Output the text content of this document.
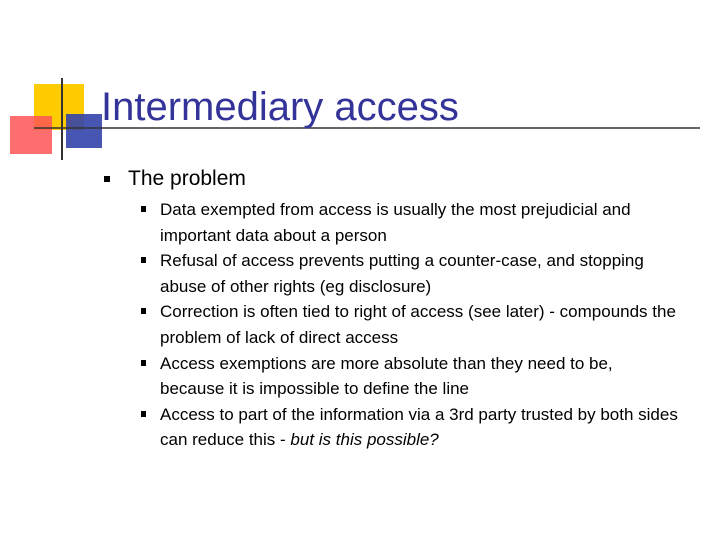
Intermediary access
The problem
Data exempted from access is usually the most prejudicial and important data about a person
Refusal of access prevents putting a counter-case, and stopping abuse of other rights (eg disclosure)
Correction is often tied to right of access (see later) - compounds the problem of lack of direct access
Access exemptions are more absolute than they need to be, because it is impossible to define the line
Access to part of the information via a 3rd party trusted by both sides can reduce this - but is this possible?
